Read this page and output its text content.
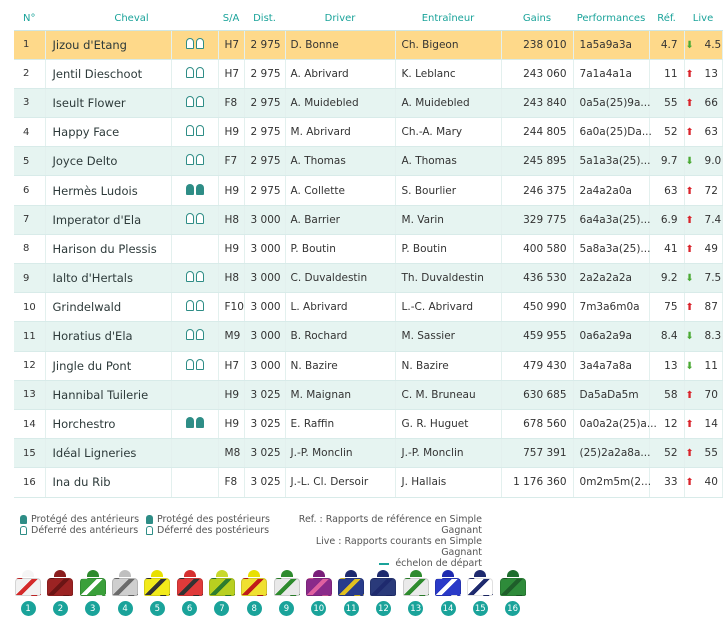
N°	Cheval		S/A	Dist.	Driver	Entraîneur	Gains	Performances	Réf.	Live
1	Jizou d'Etang		H7	2 975	D. Bonne	Ch. Bigeon	238 010	1a5a9a3a	4.7	⬇ 4.5
2	Jentil Dieschoot		H7	2 975	A. Abrivard	K. Leblanc	243 060	7a1a4a1a	11	⬆ 13
3	Iseult Flower		F8	2 975	A. Muidebled	A. Muidebled	243 840	0a5a(25)9a...	55	⬆ 66
4	Happy Face		H9	2 975	M. Abrivard	Ch.-A. Mary	244 805	6a0a(25)Da...	52	⬆ 63
5	Joyce Delto		F7	2 975	A. Thomas	A. Thomas	245 895	5a1a3a(25)...	9.7	⬇ 9.0
6	Hermès Ludois		H9	2 975	A. Collette	S. Bourlier	246 375	2a4a2a0a	63	⬆ 72
7	Imperator d'Ela		H8	3 000	A. Barrier	M. Varin	329 775	6a4a3a(25)...	6.9	⬆ 7.4
8	Harison du Plessis		H9	3 000	P. Boutin	P. Boutin	400 580	5a8a3a(25)...	41	⬆ 49
9	Ialto d'Hertals		H8	3 000	C. Duvaldestin	Th. Duvaldestin	436 530	2a2a2a2a	9.2	⬇ 7.5
10	Grindelwald		F10	3 000	L. Abrivard	L.-C. Abrivard	450 990	7m3a6m0a	75	⬆ 87
11	Horatius d'Ela		M9	3 000	B. Rochard	M. Sassier	459 955	0a6a2a9a	8.4	⬇ 8.3
12	Jingle du Pont		H7	3 000	N. Bazire	N. Bazire	479 430	3a4a7a8a	13	⬇ 11
13	Hannibal Tuilerie		H9	3 025	M. Maignan	C. M. Bruneau	630 685	Da5aDa5m	58	⬆ 70
14	Horchestro		H9	3 025	E. Raffin	G. R. Huguet	678 560	0a0a2a(25)a...	12	⬆ 14
15	Idéal Ligneries		M8	3 025	J.-P. Monclin	J.-P. Monclin	757 391	(25)2a2a8a...	52	⬆ 55
16	Ina du Rib		F8	3 025	J.-L. Cl. Dersoir	J. Hallais	1 176 360	0m2m5m(2...	33	⬆ 40
Protégé des antérieurs
Déferré des antérieurs
Protégé des postérieurs
Déferré des postérieurs
Ref. : Rapports de référence en Simple Gagnant
Live : Rapports courants en Simple Gagnant
échelon de départ
1	2	3	4	5	6	7	8	9	10	11	12	13	14	15	16
